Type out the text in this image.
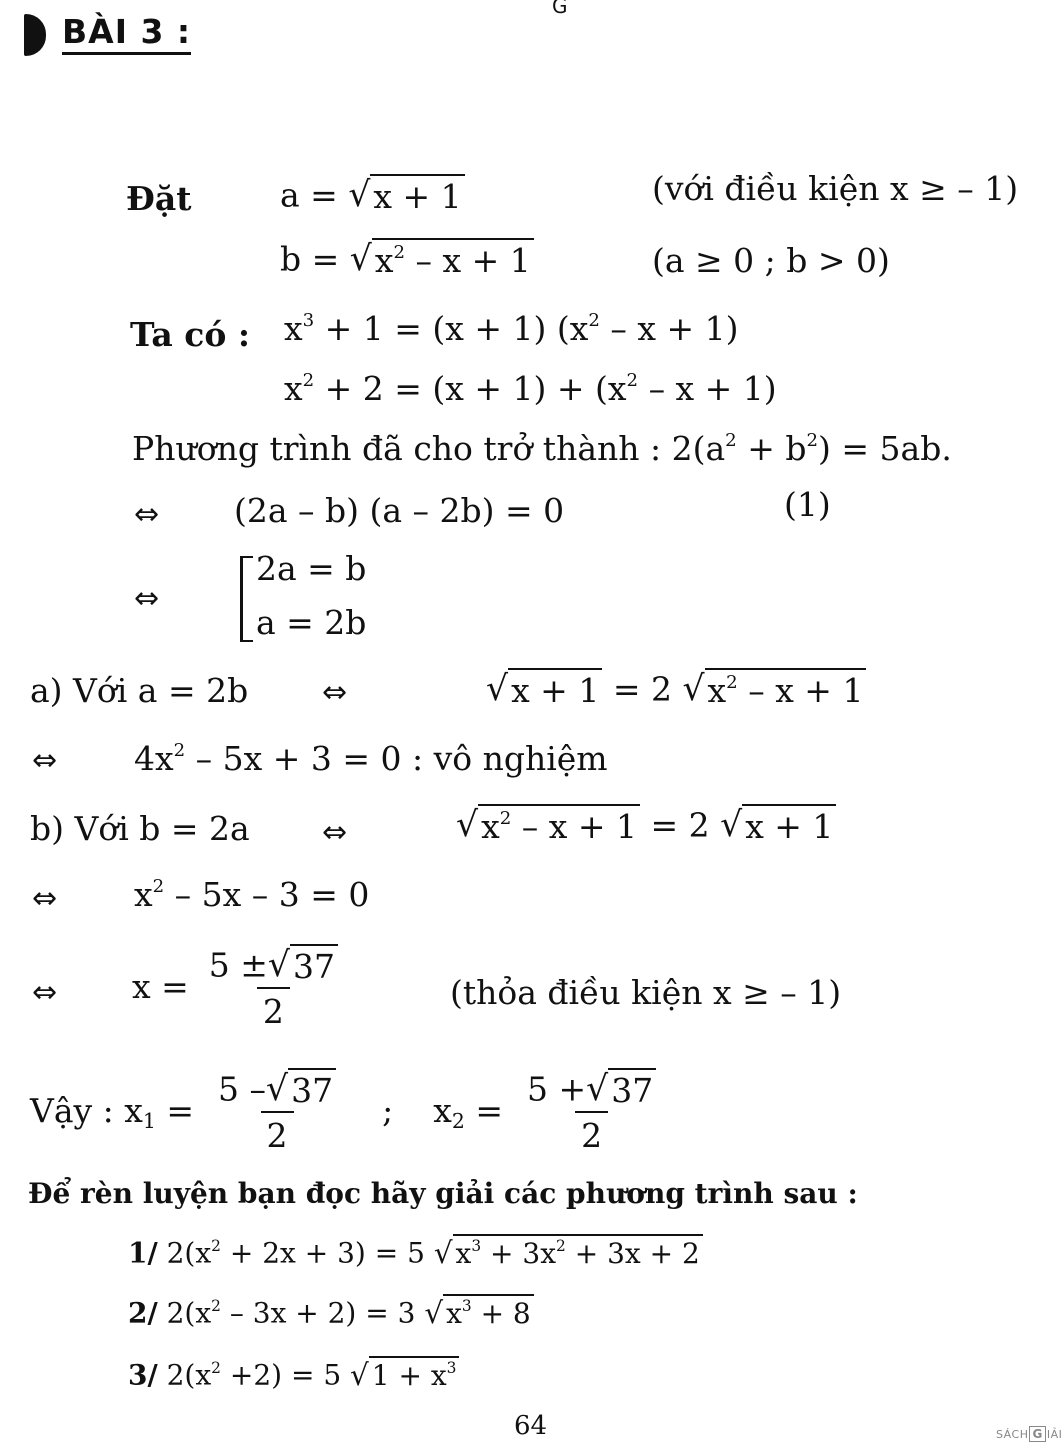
G
BÀI 3 :
Đặt	a = √ x + 1	(với điều kiện x ≥ – 1)
b = √ $x^2 - x + 1$	(a ≥ 0 ; b > 0)
Ta có : $x^3 + 1 = (x + 1)$ $(x^2 - x + 1)$
$x^2 + 2 = (x + 1) + (x^2 - x + 1)$
Phương trình đã cho trở thành : $2(a^2 + b^2) = 5ab$.
⇔ (2a – b) (a – 2b) = 0	(1)
⇔
2a = b
a = 2b
a) Với a = 2b ⇔	√ x + 1 = 2 √ $x^2 - x + 1$
⇔ $4x^2 - 5x + 3 = 0$ : vô nghiệm
b) Với b = 2a ⇔	√ $x^2 - x + 1 = 2$ √ x + 1
⇔ $x^2 - 5x - 3 = 0$
⇔ $x = \frac{5 \pm √ 37}{2}$	(thỏa điều kiện x ≥ – 1)
Vậy : $x_1 = \frac{5 - √ 37}{2}$ ; $x_2 = \frac{5 + √ 37}{2}$
Để rèn luyện bạn đọc hãy giải các phương trình sau :
1/ $2(x^2 + 2x + 3) = 5$ √ $x^3 + 3x^2 + 3x + 2$
2/ $2(x^2 - 3x + 2) = 3$ √ $x^3 + 8$
3/ $2(x^2 +2) = 5$ √ $1 + x^3$
64	SÁCH G IẢI
